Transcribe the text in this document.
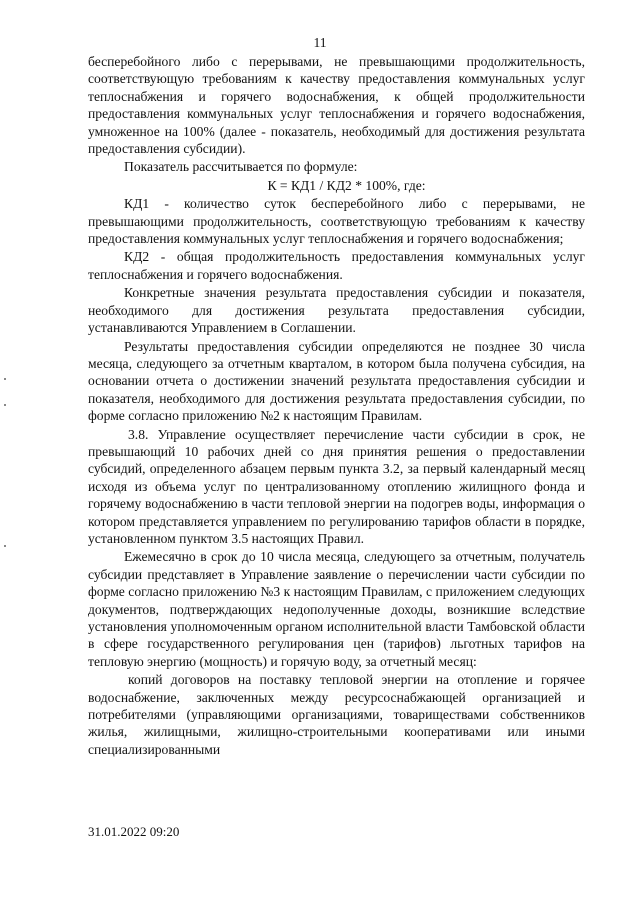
11

бесперебойного либо с перерывами, не превышающими продолжительность, соответствующую требованиям к качеству предоставления коммунальных услуг теплоснабжения и горячего водоснабжения, к общей продолжительности предоставления коммунальных услуг теплоснабжения и горячего водоснабжения, умноженное на 100% (далее - показатель, необходимый для достижения результата предоставления субсидии).

Показатель рассчитывается по формуле:

К = КД1 / КД2 * 100%, где:

КД1 - количество суток бесперебойного либо с перерывами, не превышающими продолжительность, соответствующую требованиям к качеству предоставления коммунальных услуг теплоснабжения и горячего водоснабжения;

КД2 - общая продолжительность предоставления коммунальных услуг теплоснабжения и горячего водоснабжения.

Конкретные значения результата предоставления субсидии и показателя, необходимого для достижения результата предоставления субсидии, устанавливаются Управлением в Соглашении.

Результаты предоставления субсидии определяются не позднее 30 числа месяца, следующего за отчетным кварталом, в котором была получена субсидия, на основании отчета о достижении значений результата предоставления субсидии и показателя, необходимого для достижения результата предоставления субсидии, по форме согласно приложению №2 к настоящим Правилам.

3.8. Управление осуществляет перечисление части субсидии в срок, не превышающий 10 рабочих дней со дня принятия решения о предоставлении субсидий, определенного абзацем первым пункта 3.2, за первый календарный месяц исходя из объема услуг по централизованному отоплению жилищного фонда и горячему водоснабжению в части тепловой энергии на подогрев воды, информация о котором представляется управлением по регулированию тарифов области в порядке, установленном пунктом 3.5 настоящих Правил.

Ежемесячно в срок до 10 числа месяца, следующего за отчетным, получатель субсидии представляет в Управление заявление о перечислении части субсидии по форме согласно приложению №3 к настоящим Правилам, с приложением следующих документов, подтверждающих недополученные доходы, возникшие вследствие установления уполномоченным органом исполнительной власти Тамбовской области в сфере государственного регулирования цен (тарифов) льготных тарифов на тепловую энергию (мощность) и горячую воду, за отчетный месяц:

копий договоров на поставку тепловой энергии на отопление и горячее водоснабжение, заключенных между ресурсоснабжающей организацией и потребителями (управляющими организациями, товариществами собственников жилья, жилищными, жилищно-строительными кооперативами или иными специализированными

31.01.2022 09:20
